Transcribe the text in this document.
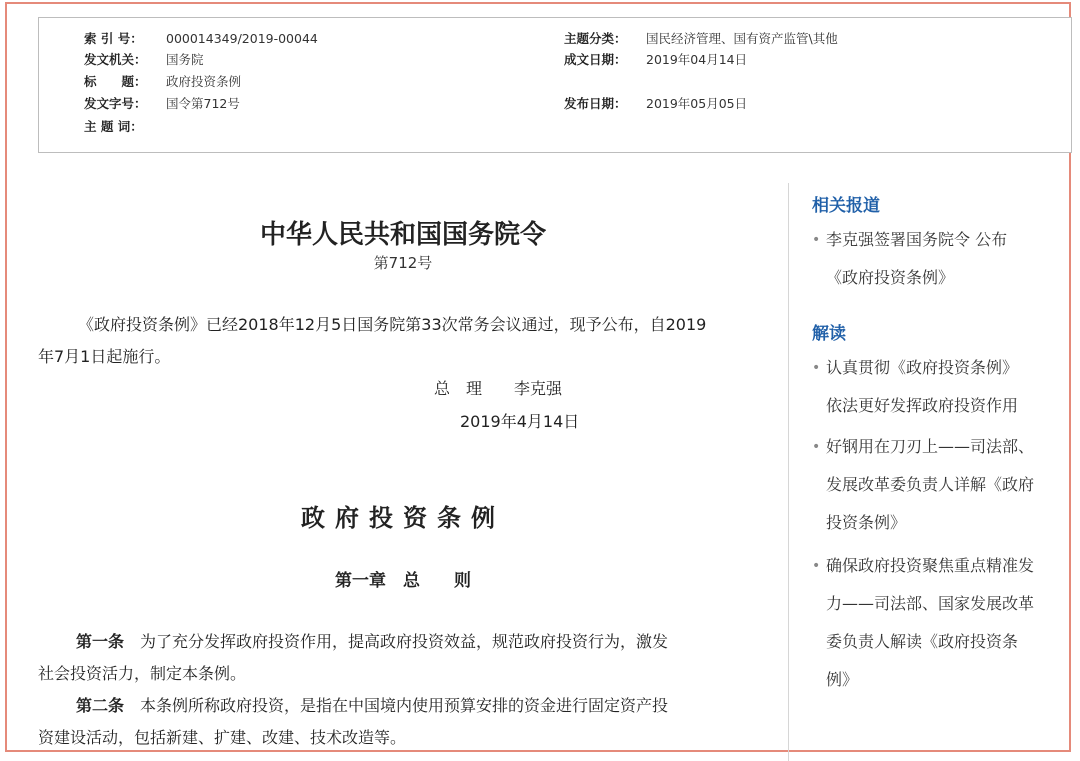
索 引 号： 000014349/2019-00044
发文机关： 国务院
标　　题： 政府投资条例
发文字号： 国令第712号
主 题 词：
主题分类： 国民经济管理、国有资产监管\其他
成文日期： 2019年04月14日
发布日期： 2019年05月05日
中华人民共和国国务院令
第712号
《政府投资条例》已经2018年12月5日国务院第33次常务会议通过，现予公布，自2019
年7月1日起施行。
总　理　　李克强
2019年4月14日
政府投资条例
第一章　总　　则
第一条　为了充分发挥政府投资作用，提高政府投资效益，规范政府投资行为，激发
社会投资活力，制定本条例。
第二条　本条例所称政府投资，是指在中国境内使用预算安排的资金进行固定资产投
资建设活动，包括新建、扩建、改建、技术改造等。
相关报道
• 李克强签署国务院令 公布
《政府投资条例》
解读
• 认真贯彻《政府投资条例》
依法更好发挥政府投资作用
• 好钢用在刀刃上——司法部、
发展改革委负责人详解《政府
投资条例》
• 确保政府投资聚焦重点精准发
力——司法部、国家发展改革
委负责人解读《政府投资条
例》
